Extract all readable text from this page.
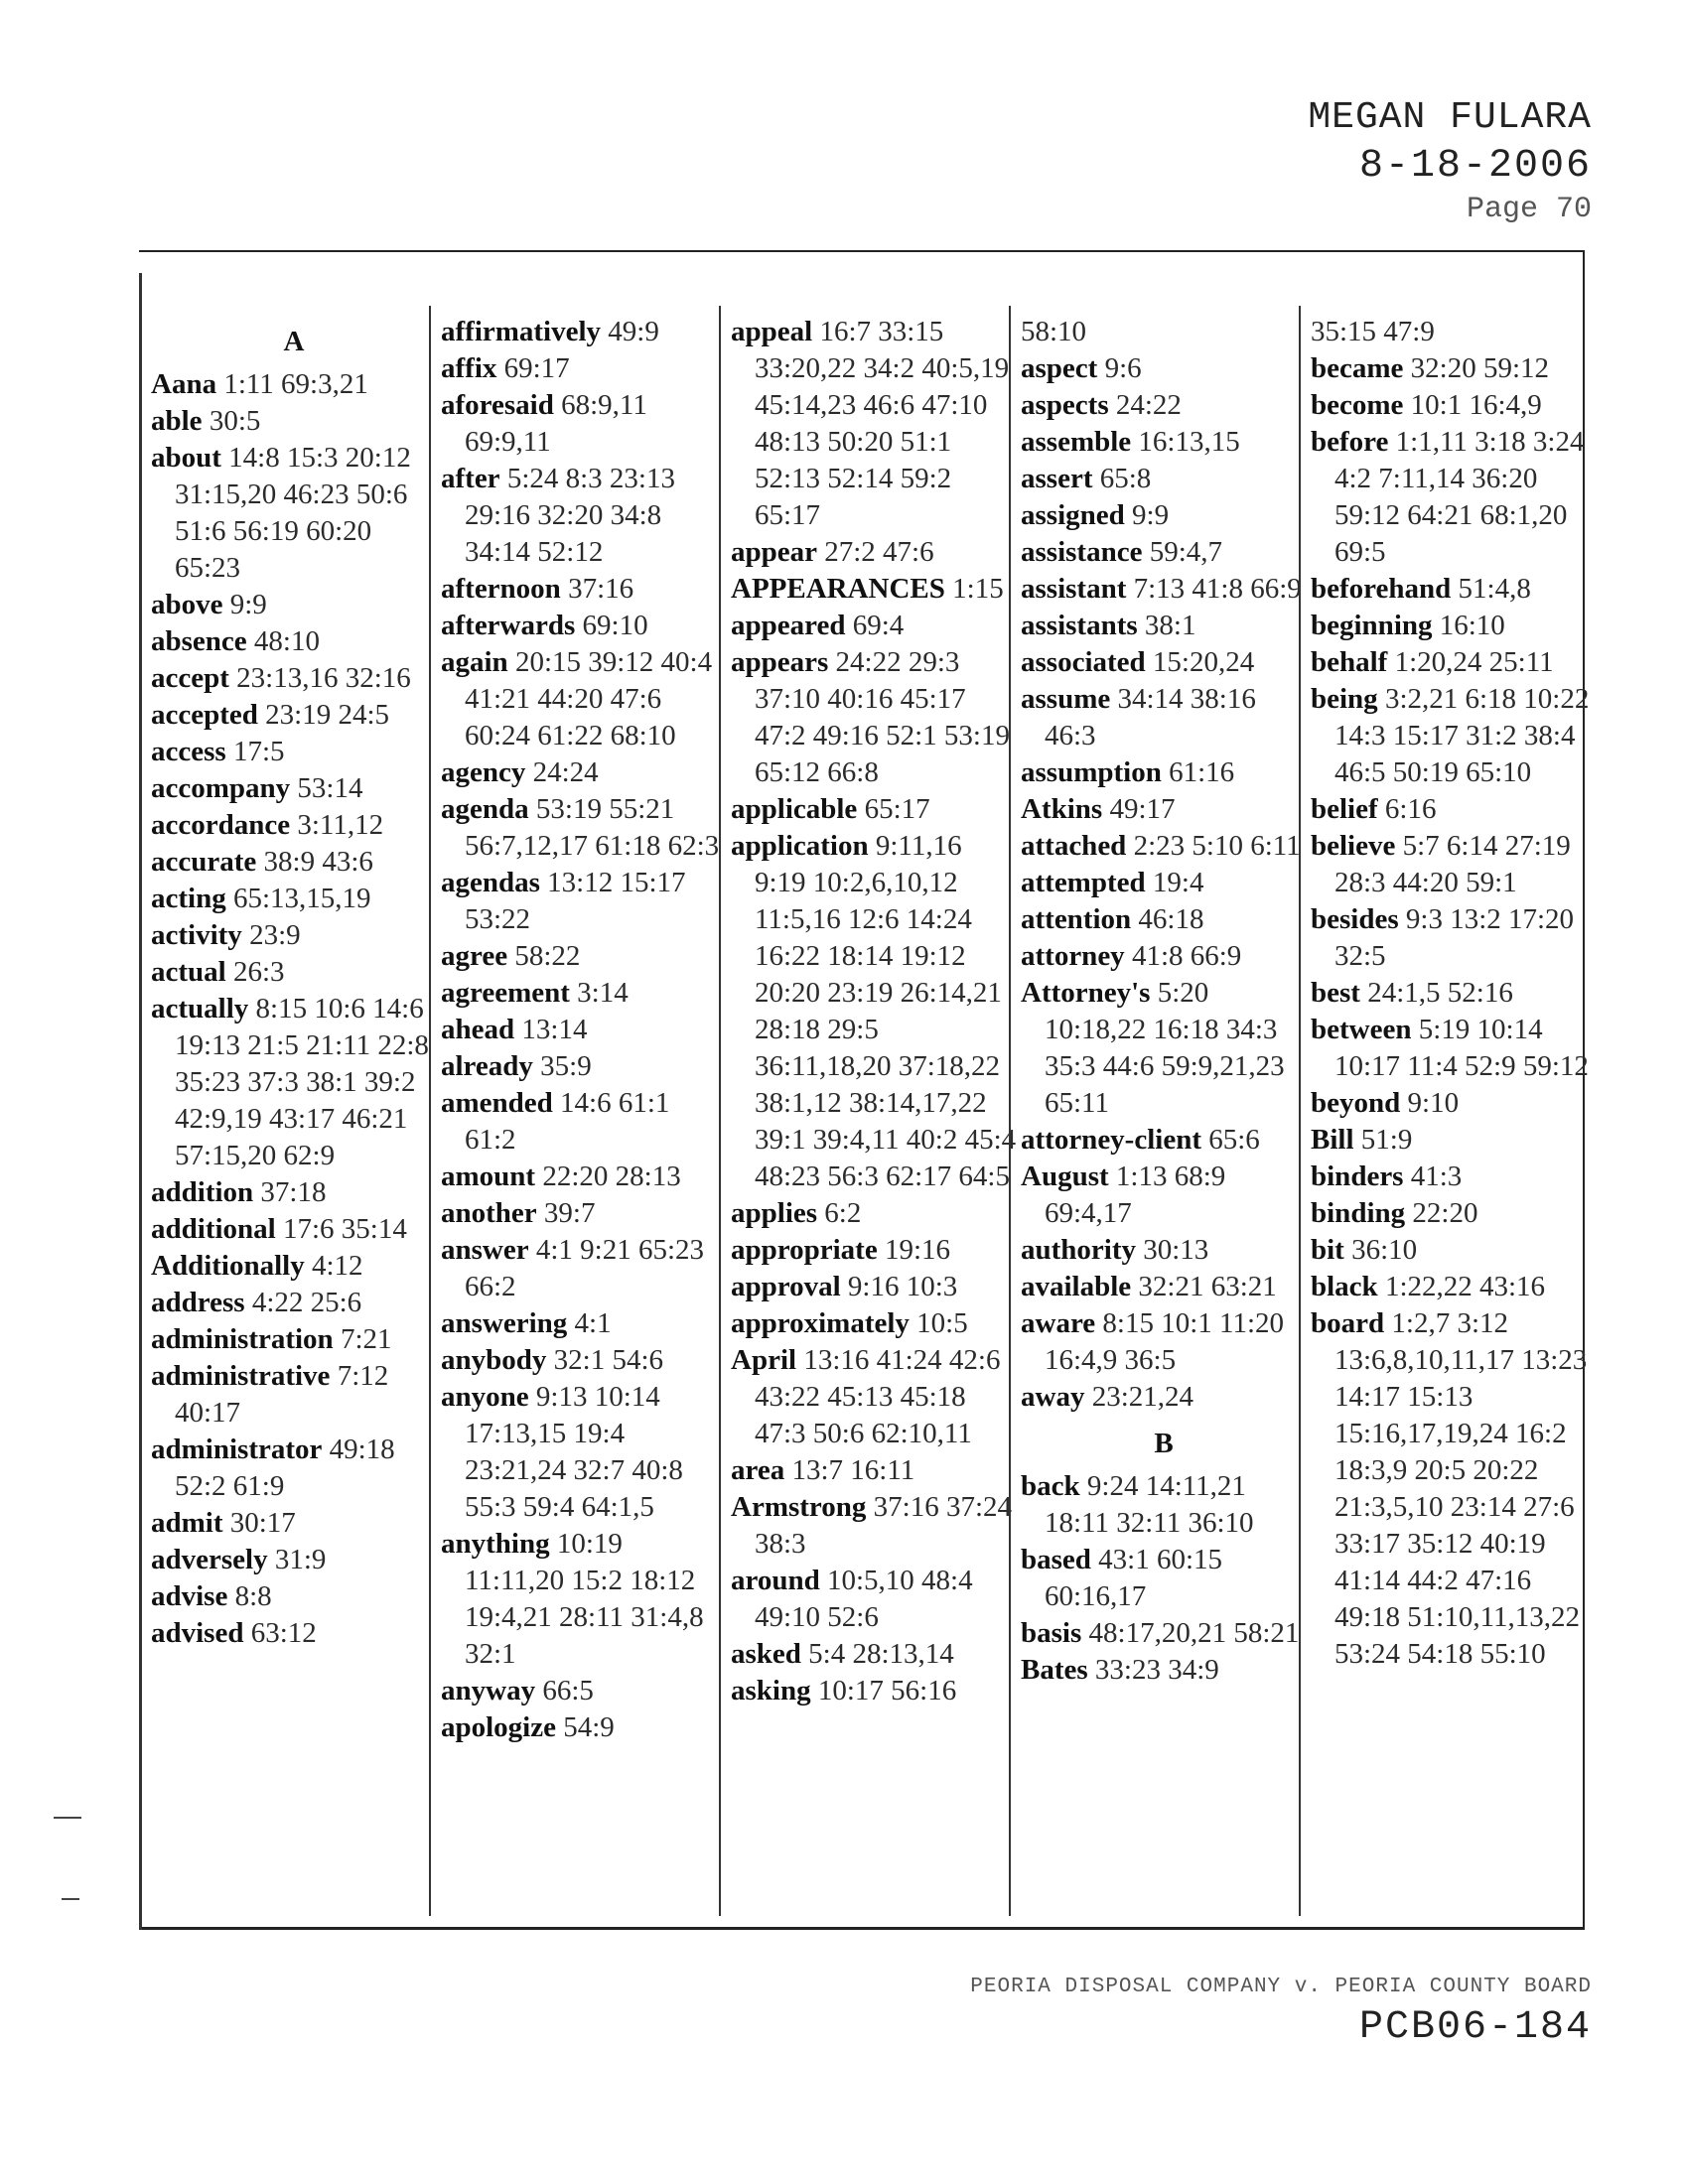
MEGAN FULARA
8-18-2006
Page 70
A
Aana 1:11 69:3,21
able 30:5
about 14:8 15:3 20:12 31:15,20 46:23 50:6 51:6 56:19 60:20 65:23
above 9:9
absence 48:10
accept 23:13,16 32:16
accepted 23:19 24:5
access 17:5
accompany 53:14
accordance 3:11,12
accurate 38:9 43:6
acting 65:13,15,19
activity 23:9
actual 26:3
actually 8:15 10:6 14:6 19:13 21:5 21:11 22:8 35:23 37:3 38:1 39:2 42:9,19 43:17 46:21 57:15,20 62:9
addition 37:18
additional 17:6 35:14
Additionally 4:12
address 4:22 25:6
administration 7:21
administrative 7:12 40:17
administrator 49:18 52:2 61:9
admit 30:17
adversely 31:9
advise 8:8
advised 63:12
affirmatively 49:9
affix 69:17
aforesaid 68:9,11 69:9,11
after 5:24 8:3 23:13 29:16 32:20 34:8 34:14 52:12
afternoon 37:16
afterwards 69:10
again 20:15 39:12 40:4 41:21 44:20 47:6 60:24 61:22 68:10
agency 24:24
agenda 53:19 55:21 56:7,12,17 61:18 62:3
agendas 13:12 15:17 53:22
agree 58:22
agreement 3:14
ahead 13:14
already 35:9
amended 14:6 61:1 61:2
amount 22:20 28:13
another 39:7
answer 4:1 9:21 65:23 66:2
answering 4:1
anybody 32:1 54:6
anyone 9:13 10:14 17:13,15 19:4 23:21,24 32:7 40:8 55:3 59:4 64:1,5
anything 10:19 11:11,20 15:2 18:12 19:4,21 28:11 31:4,8 32:1
anyway 66:5
apologize 54:9
appeal 16:7 33:15 33:20,22 34:2 40:5,19 45:14,23 46:6 47:10 48:13 50:20 51:1 52:13 52:14 59:2 65:17
appear 27:2 47:6
APPEARANCES 1:15
appeared 69:4
appears 24:22 29:3 37:10 40:16 45:17 47:2 49:16 52:1 53:19 65:12 66:8
applicable 65:17
application 9:11,16 9:19 10:2,6,10,12 11:5,16 12:6 14:24 16:22 18:14 19:12 20:20 23:19 26:14,21 28:18 29:5 36:11,18,20 37:18,22 38:1,12 38:14,17,22 39:1 39:4,11 40:2 45:4 48:23 56:3 62:17 64:5
applies 6:2
appropriate 19:16
approval 9:16 10:3
approximately 10:5
April 13:16 41:24 42:6 43:22 45:13 45:18 47:3 50:6 62:10,11
area 13:7 16:11
Armstrong 37:16 37:24 38:3
around 10:5,10 48:4 49:10 52:6
asked 5:4 28:13,14
asking 10:17 56:16
58:10
aspect 9:6
aspects 24:22
assemble 16:13,15
assert 65:8
assigned 9:9
assistance 59:4,7
assistant 7:13 41:8 66:9
assistants 38:1
associated 15:20,24
assume 34:14 38:16 46:3
assumption 61:16
Atkins 49:17
attached 2:23 5:10 6:11
attempted 19:4
attention 46:18
attorney 41:8 66:9
Attorney's 5:20 10:18,22 16:18 34:3 35:3 44:6 59:9,21,23 65:11
attorney-client 65:6
August 1:13 68:9 69:4,17
authority 30:13
available 32:21 63:21
aware 8:15 10:1 11:20 16:4,9 36:5
away 23:21,24
B
back 9:24 14:11,21 18:11 32:11 36:10
based 43:1 60:15 60:16,17
basis 48:17,20,21 58:21
Bates 33:23 34:9
35:15 47:9
became 32:20 59:12
become 10:1 16:4,9
before 1:1,11 3:18 3:24 4:2 7:11,14 36:20 59:12 64:21 68:1,20 69:5
beforehand 51:4,8
beginning 16:10
behalf 1:20,24 25:11
being 3:2,21 6:18 10:22 14:3 15:17 31:2 38:4 46:5 50:19 65:10
belief 6:16
believe 5:7 6:14 27:19 28:3 44:20 59:1
besides 9:3 13:2 17:20 32:5
best 24:1,5 52:16
between 5:19 10:14 10:17 11:4 52:9 59:12
beyond 9:10
Bill 51:9
binders 41:3
binding 22:20
bit 36:10
black 1:22,22 43:16
board 1:2,7 3:12 13:6,8,10,11,17 13:23 14:17 15:13 15:16,17,19,24 16:2 18:3,9 20:5 20:22 21:3,5,10 23:14 27:6 33:17 35:12 40:19 41:14 44:2 47:16 49:18 51:10,11,13,22 53:24 54:18 55:10
PEORIA DISPOSAL COMPANY v. PEORIA COUNTY BOARD
PCB06-184
